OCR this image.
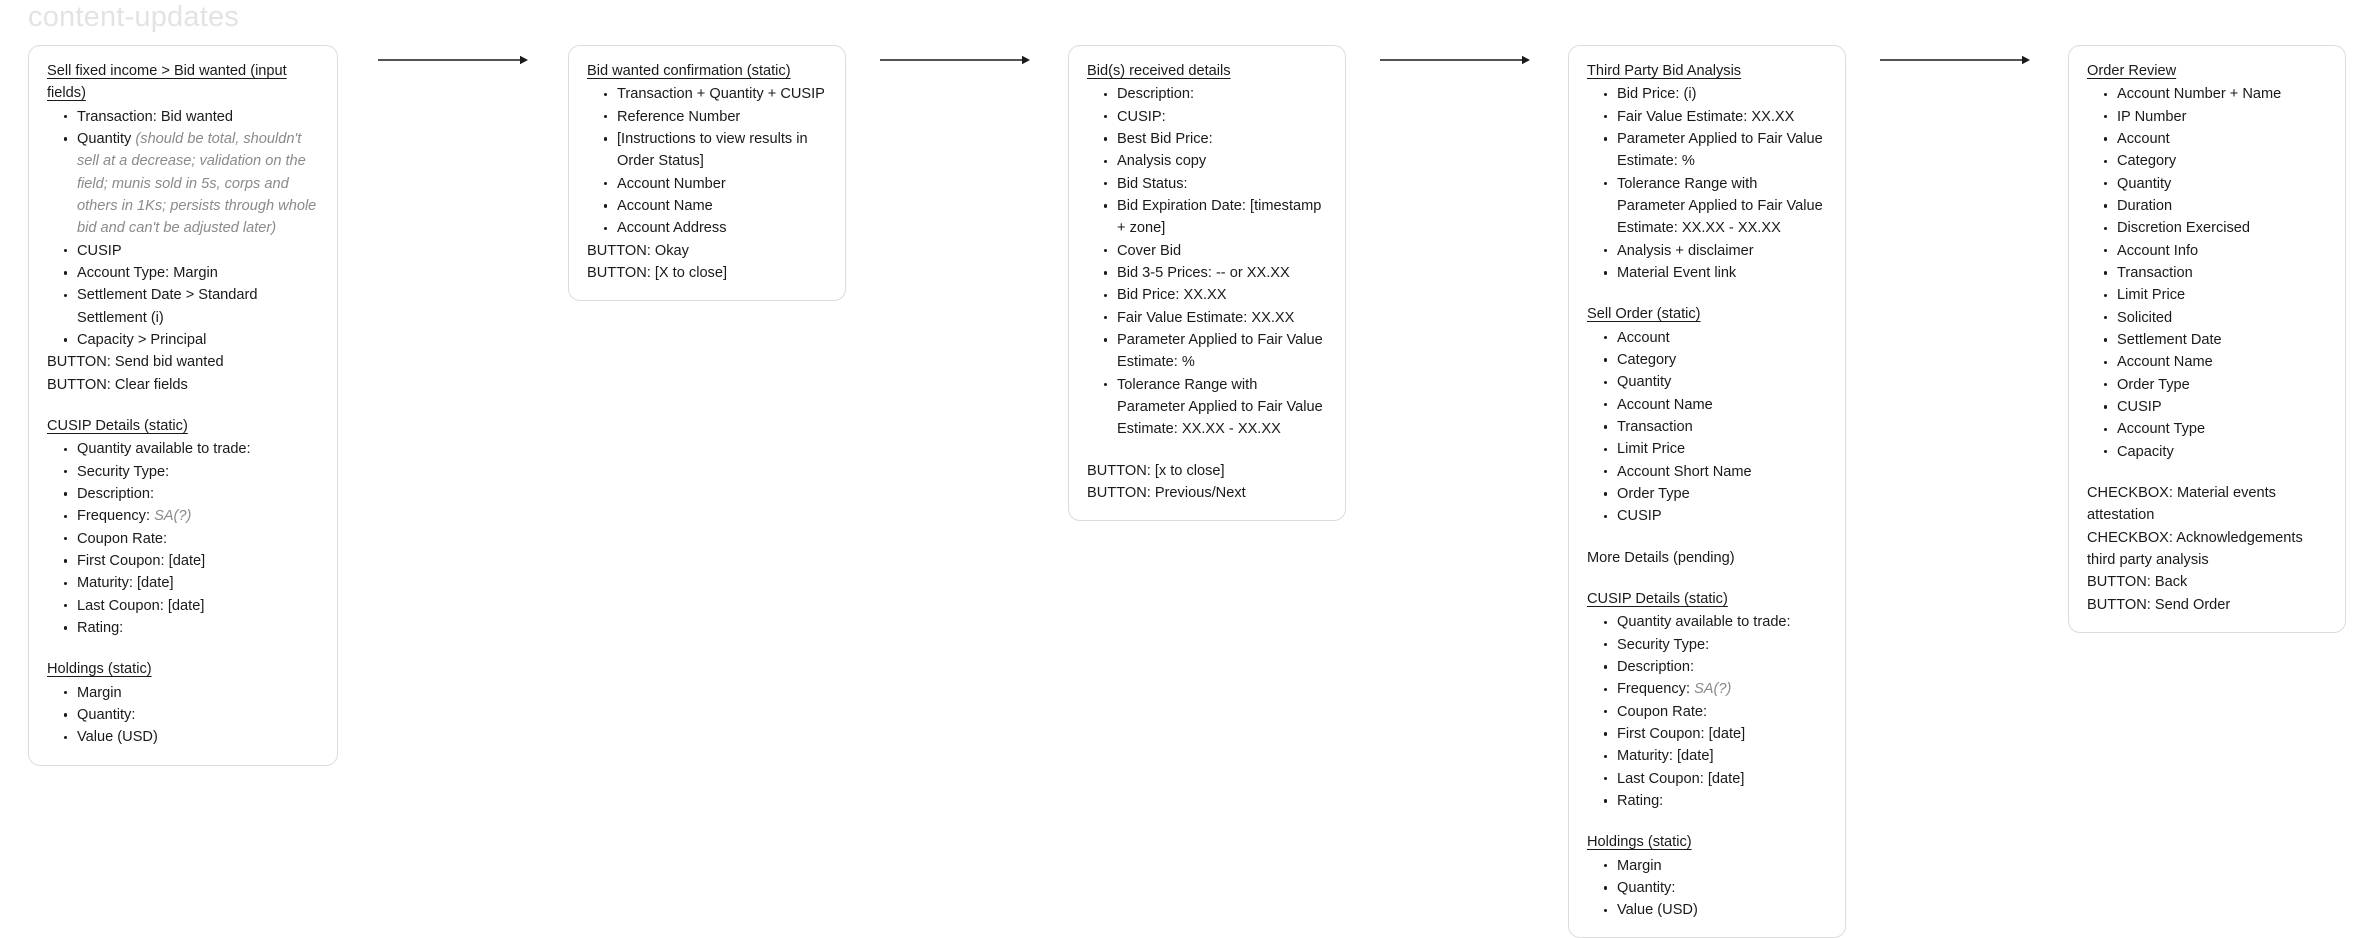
content-updates
Sell fixed income > Bid wanted (input fields)
Transaction: Bid wanted
Quantity (should be total, shouldn't sell at a decrease; validation on the field; munis sold in 5s, corps and others in 1Ks; persists through whole bid and can't be adjusted later)
CUSIP
Account Type: Margin
Settlement Date > Standard Settlement (i)
Capacity > Principal
BUTTON: Send bid wanted
BUTTON: Clear fields
CUSIP Details (static)
Quantity available to trade:
Security Type:
Description:
Frequency: SA(?)
Coupon Rate:
First Coupon: [date]
Maturity: [date]
Last Coupon: [date]
Rating:
Holdings (static)
Margin
Quantity:
Value (USD)
Bid wanted confirmation (static)
Transaction + Quantity + CUSIP
Reference Number
[Instructions to view results in Order Status]
Account Number
Account Name
Account Address
BUTTON: Okay
BUTTON: [X to close]
Bid(s) received details
Description:
CUSIP:
Best Bid Price:
Analysis copy
Bid Status:
Bid Expiration Date: [timestamp + zone]
Cover Bid
Bid 3-5 Prices: -- or XX.XX
Bid Price: XX.XX
Fair Value Estimate: XX.XX
Parameter Applied to Fair Value Estimate: %
Tolerance Range with Parameter Applied to Fair Value Estimate: XX.XX - XX.XX
BUTTON: [x to close]
BUTTON: Previous/Next
Third Party Bid Analysis
Bid Price: (i)
Fair Value Estimate: XX.XX
Parameter Applied to Fair Value Estimate: %
Tolerance Range with Parameter Applied to Fair Value Estimate: XX.XX - XX.XX
Analysis + disclaimer
Material Event link
Sell Order (static)
Account
Category
Quantity
Account Name
Transaction
Limit Price
Account Short Name
Order Type
CUSIP
More Details (pending)
CUSIP Details (static)
Quantity available to trade:
Security Type:
Description:
Frequency: SA(?)
Coupon Rate:
First Coupon: [date]
Maturity: [date]
Last Coupon: [date]
Rating:
Holdings (static)
Margin
Quantity:
Value (USD)
Order Review
Account Number + Name
IP Number
Account
Category
Quantity
Duration
Discretion Exercised
Account Info
Transaction
Limit Price
Solicited
Settlement Date
Account Name
Order Type
CUSIP
Account Type
Capacity
CHECKBOX: Material events attestation
CHECKBOX: Acknowledgements third party analysis
BUTTON: Back
BUTTON: Send Order
